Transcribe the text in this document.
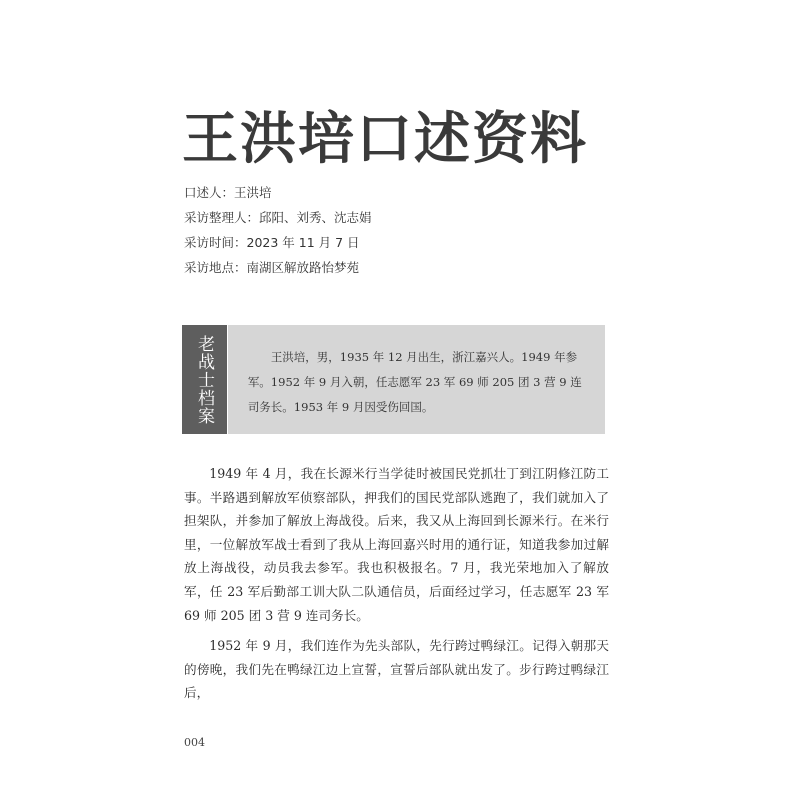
王洪培口述资料
口述人：王洪培
采访整理人：邱阳、刘秀、沈志娟
采访时间：2023 年 11 月 7 日
采访地点：南湖区解放路怡梦苑
老战士档案	王洪培，男，1935 年 12 月出生，浙江嘉兴人。1949 年参军。1952 年 9 月入朝，任志愿军 23 军 69 师 205 团 3 营 9 连司务长。1953 年 9 月因受伤回国。

1949 年 4 月，我在长源米行当学徒时被国民党抓壮丁到江阴修江防工事。半路遇到解放军侦察部队，押我们的国民党部队逃跑了，我们就加入了担架队，并参加了解放上海战役。后来，我又从上海回到长源米行。在米行里，一位解放军战士看到了我从上海回嘉兴时用的通行证，知道我参加过解放上海战役，动员我去参军。我也积极报名。7 月，我光荣地加入了解放军，任 23 军后勤部工训大队二队通信员，后面经过学习，任志愿军 23 军 69 师 205 团 3 营 9 连司务长。

1952 年 9 月，我们连作为先头部队，先行跨过鸭绿江。记得入朝那天的傍晚，我们先在鸭绿江边上宣誓，宣誓后部队就出发了。步行跨过鸭绿江后，

004
